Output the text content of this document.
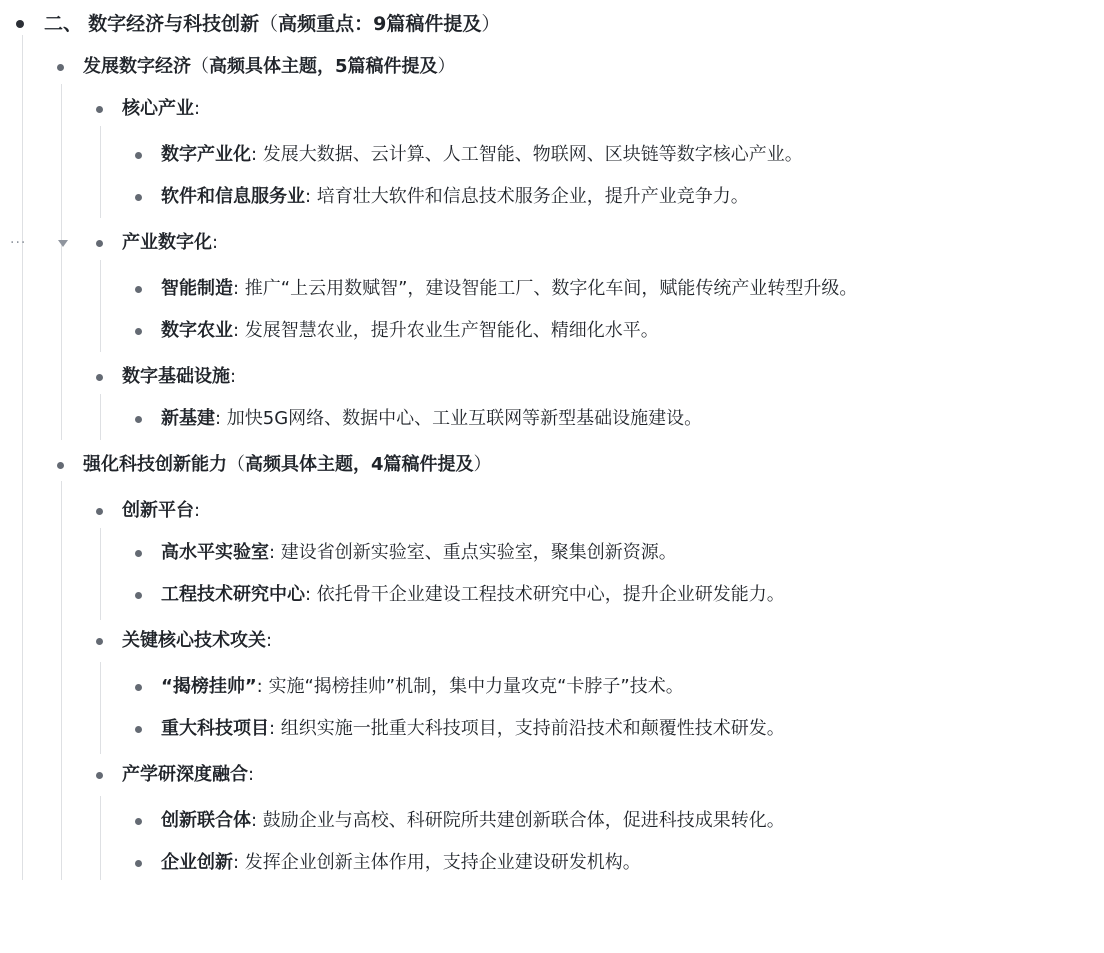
二、 数字经济与科技创新（高频重点：9篇稿件提及）
发展数字经济（高频具体主题，5篇稿件提及）
核心产业:
数字产业化: 发展大数据、云计算、人工智能、物联网、区块链等数字核心产业。
软件和信息服务业: 培育壮大软件和信息技术服务企业，提升产业竞争力。
···	产业数字化:
智能制造: 推广“上云用数赋智”，建设智能工厂、数字化车间，赋能传统产业转型升级。
数字农业: 发展智慧农业，提升农业生产智能化、精细化水平。
数字基础设施:
新基建: 加快5G网络、数据中心、工业互联网等新型基础设施建设。
强化科技创新能力（高频具体主题，4篇稿件提及）
创新平台:
高水平实验室: 建设省创新实验室、重点实验室，聚集创新资源。
工程技术研究中心: 依托骨干企业建设工程技术研究中心，提升企业研发能力。
关键核心技术攻关:
“揭榜挂帅”: 实施“揭榜挂帅”机制，集中力量攻克“卡脖子”技术。
重大科技项目: 组织实施一批重大科技项目，支持前沿技术和颠覆性技术研发。
产学研深度融合:
创新联合体: 鼓励企业与高校、科研院所共建创新联合体，促进科技成果转化。
企业创新: 发挥企业创新主体作用，支持企业建设研发机构。
